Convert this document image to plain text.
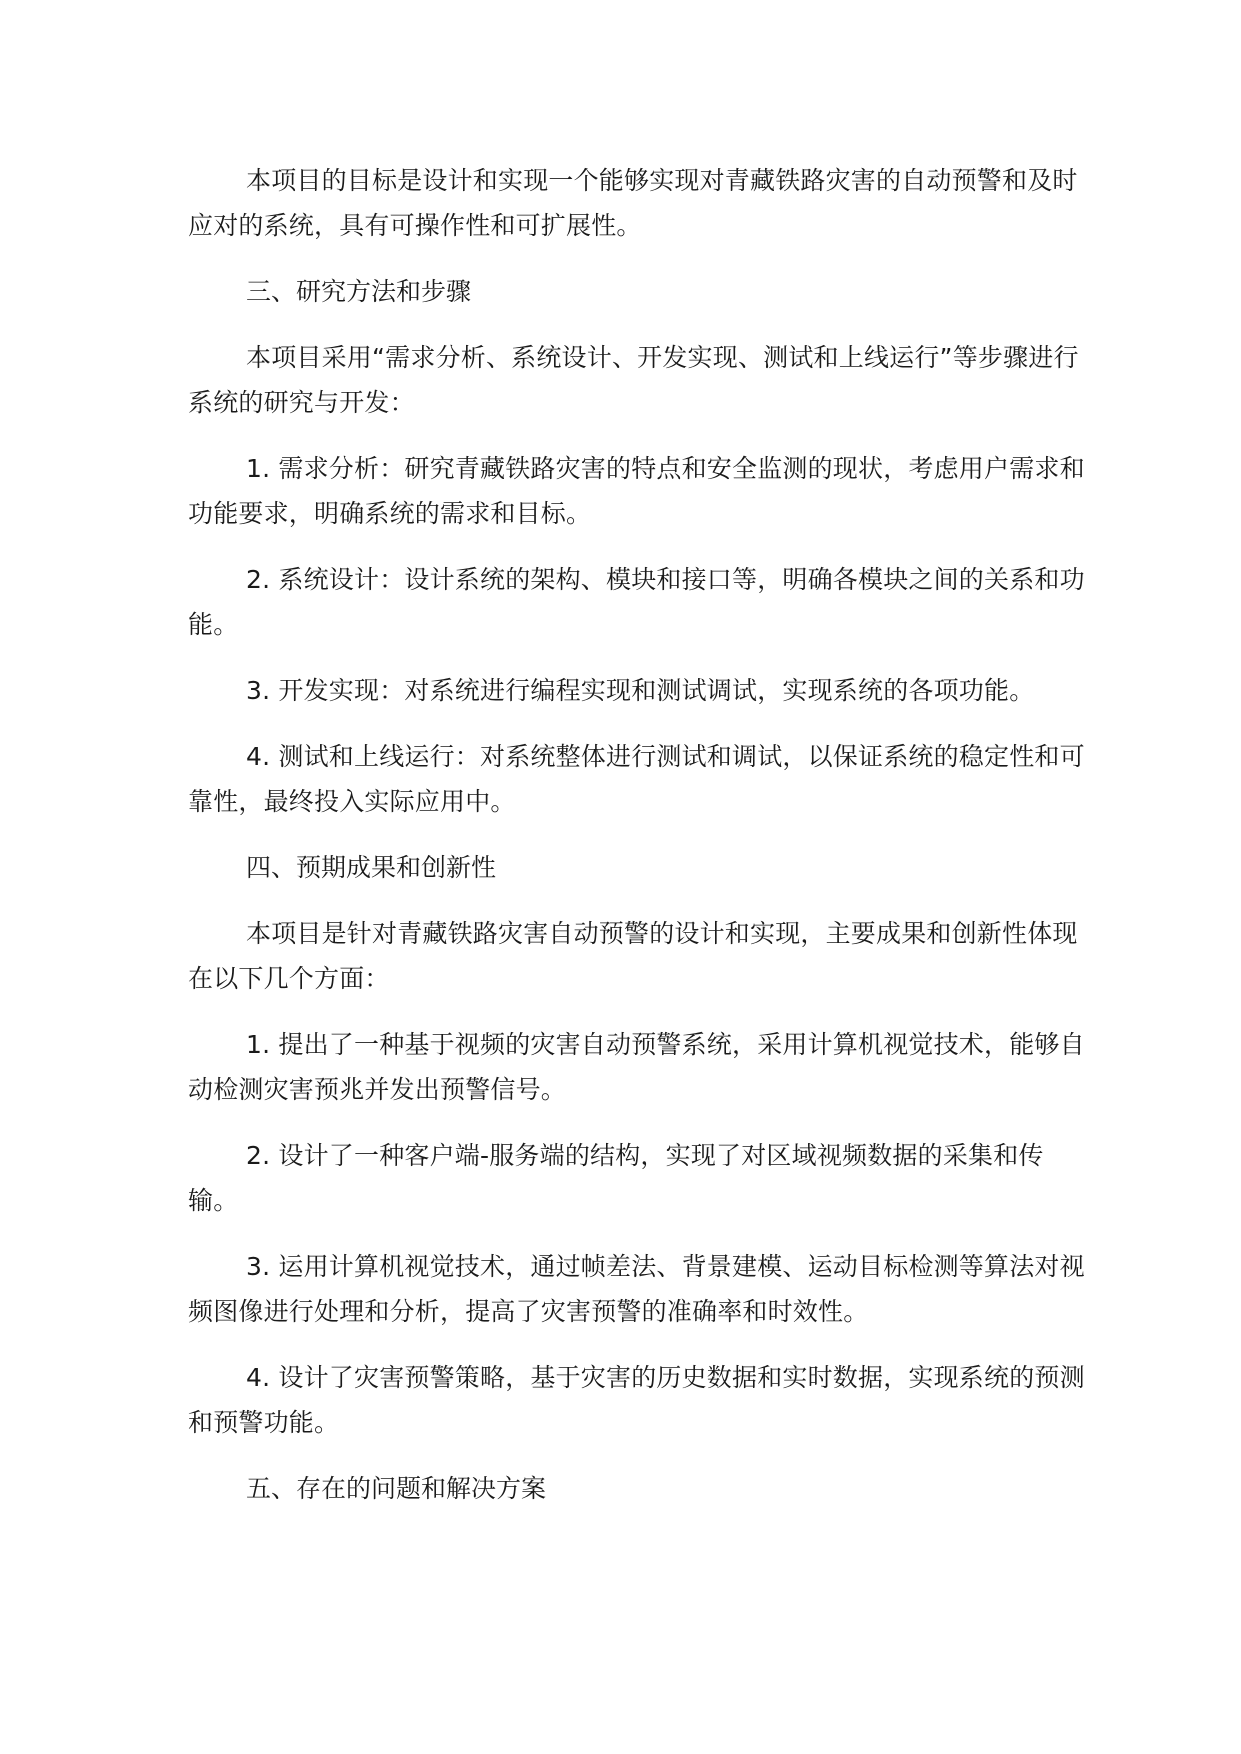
本项目的目标是设计和实现一个能够实现对青藏铁路灾害的自动预警和及时应对的系统，具有可操作性和可扩展性。

三、研究方法和步骤

本项目采用“需求分析、系统设计、开发实现、测试和上线运行”等步骤进行系统的研究与开发：

1. 需求分析：研究青藏铁路灾害的特点和安全监测的现状，考虑用户需求和功能要求，明确系统的需求和目标。

2. 系统设计：设计系统的架构、模块和接口等，明确各模块之间的关系和功能。

3. 开发实现：对系统进行编程实现和测试调试，实现系统的各项功能。

4. 测试和上线运行：对系统整体进行测试和调试，以保证系统的稳定性和可靠性，最终投入实际应用中。

四、预期成果和创新性

本项目是针对青藏铁路灾害自动预警的设计和实现，主要成果和创新性体现在以下几个方面：

1. 提出了一种基于视频的灾害自动预警系统，采用计算机视觉技术，能够自动检测灾害预兆并发出预警信号。

2. 设计了一种客户端-服务端的结构，实现了对区域视频数据的采集和传输。

3. 运用计算机视觉技术，通过帧差法、背景建模、运动目标检测等算法对视频图像进行处理和分析，提高了灾害预警的准确率和时效性。

4. 设计了灾害预警策略，基于灾害的历史数据和实时数据，实现系统的预测和预警功能。

五、存在的问题和解决方案
